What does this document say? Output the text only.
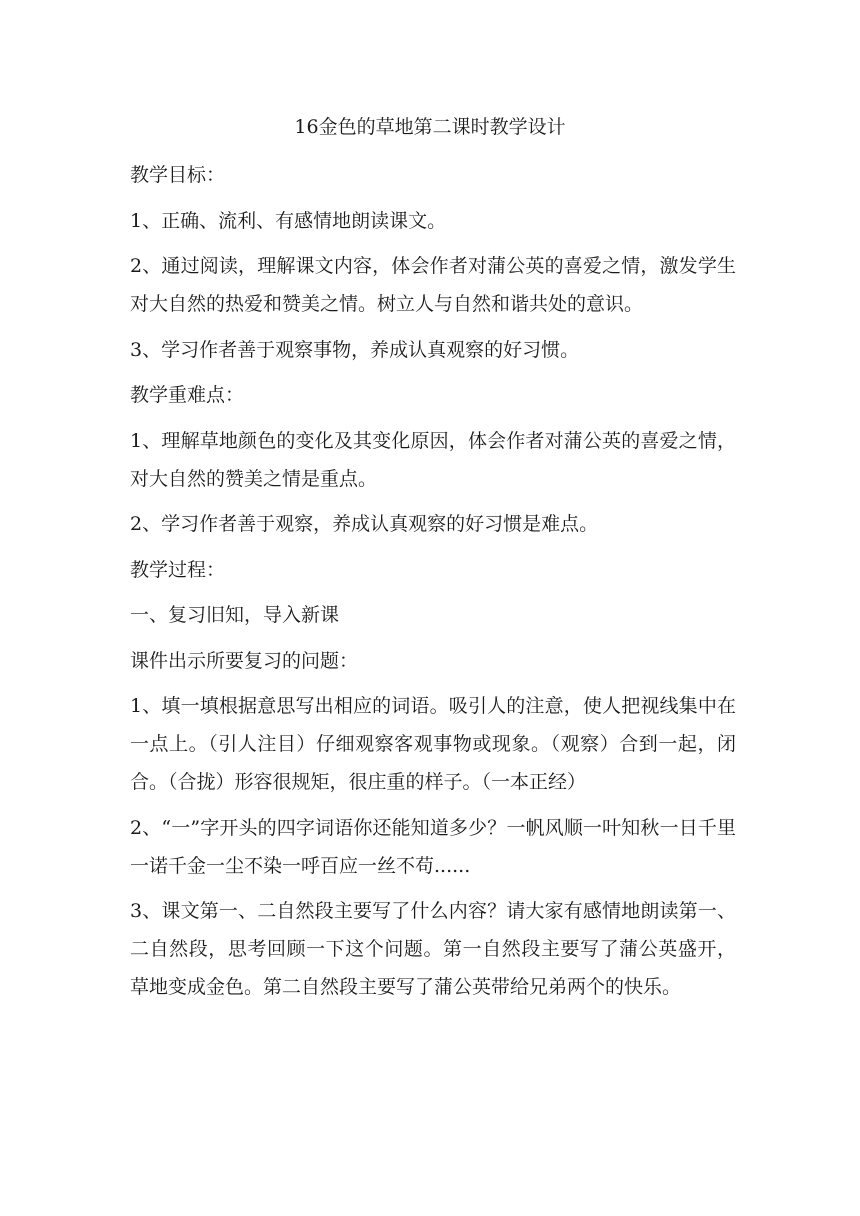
16金色的草地第二课时教学设计

教学目标：

1、正确、流利、有感情地朗读课文。

2、通过阅读，理解课文内容，体会作者对蒲公英的喜爱之情，激发学生对大自然的热爱和赞美之情。树立人与自然和谐共处的意识。

3、学习作者善于观察事物，养成认真观察的好习惯。

教学重难点：

1、理解草地颜色的变化及其变化原因，体会作者对蒲公英的喜爱之情，对大自然的赞美之情是重点。

2、学习作者善于观察，养成认真观察的好习惯是难点。

教学过程：

一、复习旧知，导入新课

课件出示所要复习的问题：

1、填一填根据意思写出相应的词语。吸引人的注意，使人把视线集中在一点上。（引人注目）仔细观察客观事物或现象。（观察）合到一起，闭合。（合拢）形容很规矩，很庄重的样子。（一本正经）

2、“一”字开头的四字词语你还能知道多少？一帆风顺一叶知秋一日千里一诺千金一尘不染一呼百应一丝不苟......

3、课文第一、二自然段主要写了什么内容？请大家有感情地朗读第一、二自然段，思考回顾一下这个问题。第一自然段主要写了蒲公英盛开，草地变成金色。第二自然段主要写了蒲公英带给兄弟两个的快乐。
